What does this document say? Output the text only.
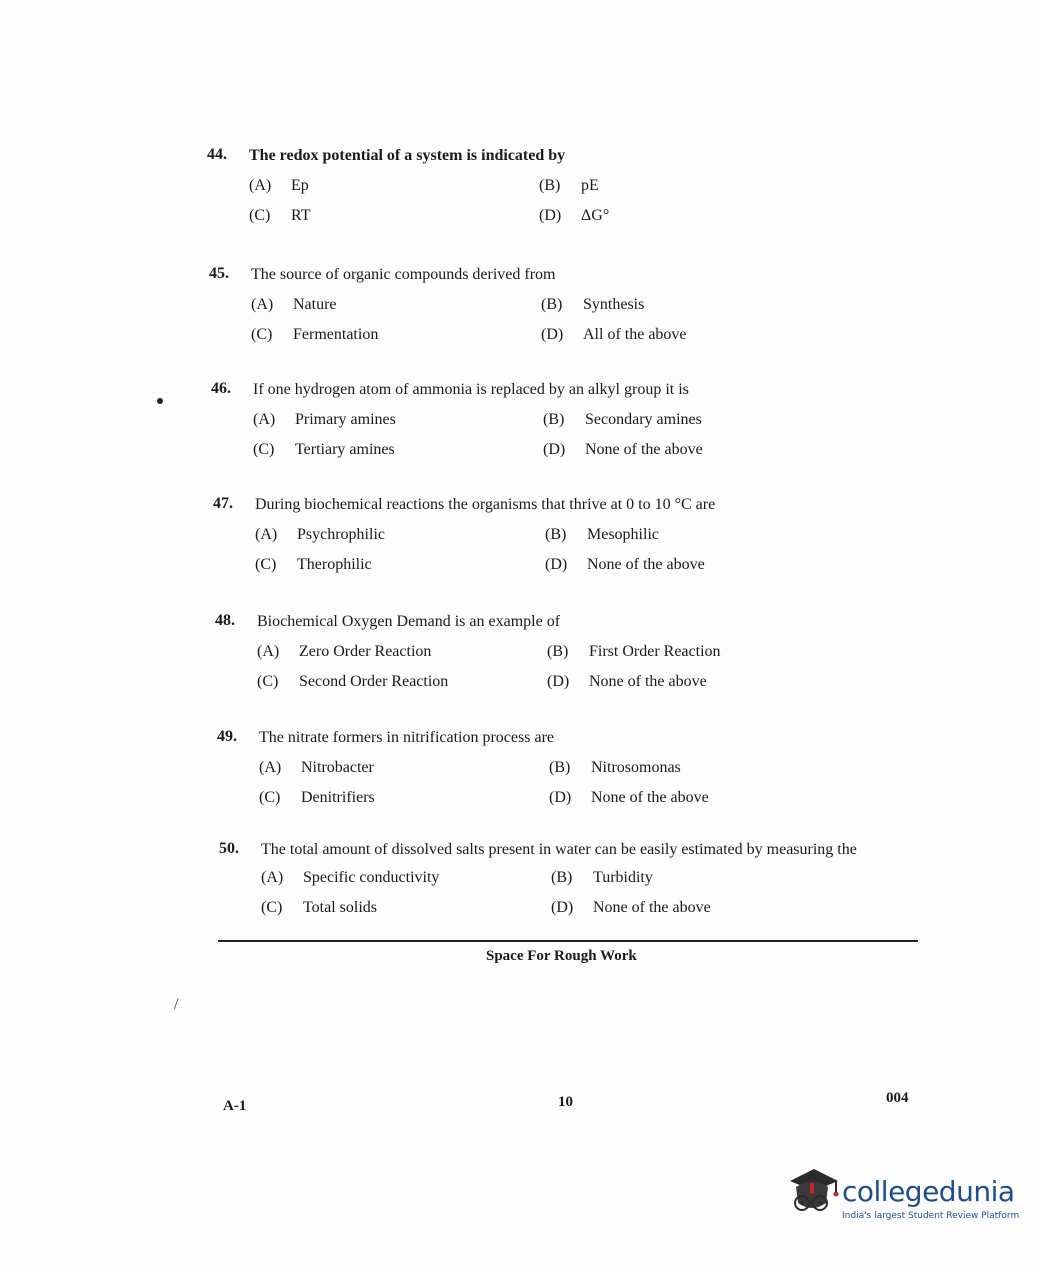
/
44.	The redox potential of a system is indicated by
(A)	Ep	(B)	pE
(C)	RT	(D)	ΔG°
45.	The source of organic compounds derived from
(A)	Nature	(B)	Synthesis
(C)	Fermentation	(D)	All of the above
46.	If one hydrogen atom of ammonia is replaced by an alkyl group it is
(A)	Primary amines	(B)	Secondary amines
(C)	Tertiary amines	(D)	None of the above
47.	During biochemical reactions the organisms that thrive at 0 to 10 °C are
(A)	Psychrophilic	(B)	Mesophilic
(C)	Therophilic	(D)	None of the above
48.	Biochemical Oxygen Demand is an example of
(A)	Zero Order Reaction	(B)	First Order Reaction
(C)	Second Order Reaction	(D)	None of the above
49.	The nitrate formers in nitrification process are
(A)	Nitrobacter	(B)	Nitrosomonas
(C)	Denitrifiers	(D)	None of the above
50.	The total amount of dissolved salts present in water can be easily estimated by measuring the
(A)	Specific conductivity	(B)	Turbidity
(C)	Total solids	(D)	None of the above
Space For Rough Work
A-1	10	004
collegedunia
India's largest Student Review Platform
